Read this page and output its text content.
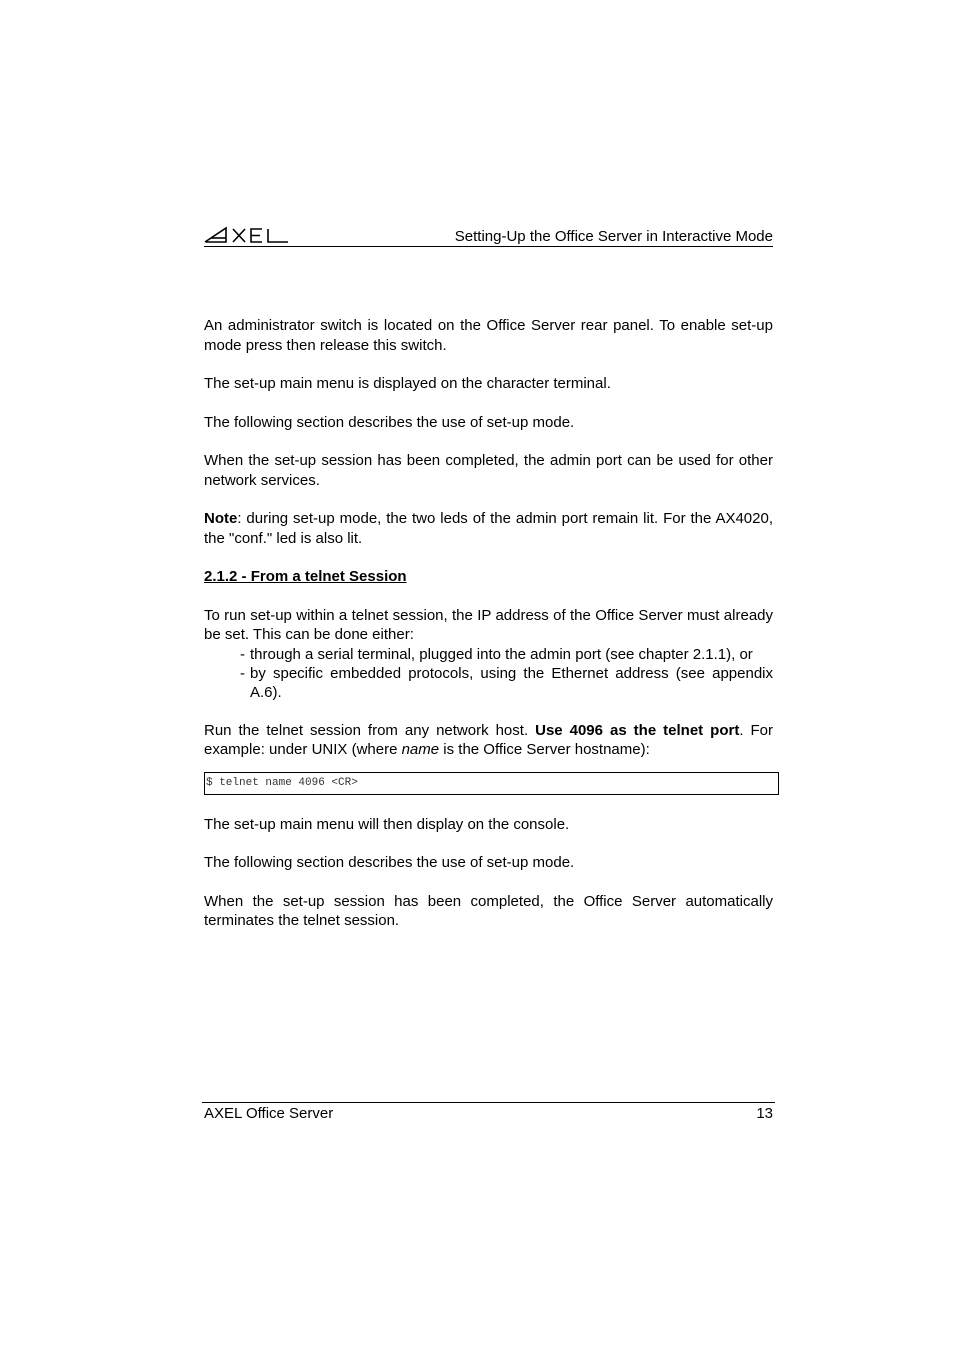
Setting-Up the Office Server in Interactive Mode

An administrator switch is located on the Office Server rear panel. To enable set-up mode press then release this switch.

The set-up main menu is displayed on the character terminal.

The following section describes the use of set-up mode.

When the set-up session has been completed, the admin port can be used for other network services.

Note: during set-up mode, the two leds of the admin port remain lit. For the AX4020, the "conf." led is also lit.

2.1.2 - From a telnet Session

To run set-up within a telnet session, the IP address of the Office Server must already be set. This can be done either:

- through a serial terminal, plugged into the admin port (see chapter 2.1.1), or
- by specific embedded protocols, using the Ethernet address (see appendix A.6).

Run the telnet session from any network host. Use 4096 as the telnet port. For example: under UNIX (where name is the Office Server hostname):

$ telnet name 4096 <CR>

The set-up main menu will then display on the console.

The following section describes the use of set-up mode.

When the set-up session has been completed, the Office Server automatically terminates the telnet session.

AXEL Office Server	13
